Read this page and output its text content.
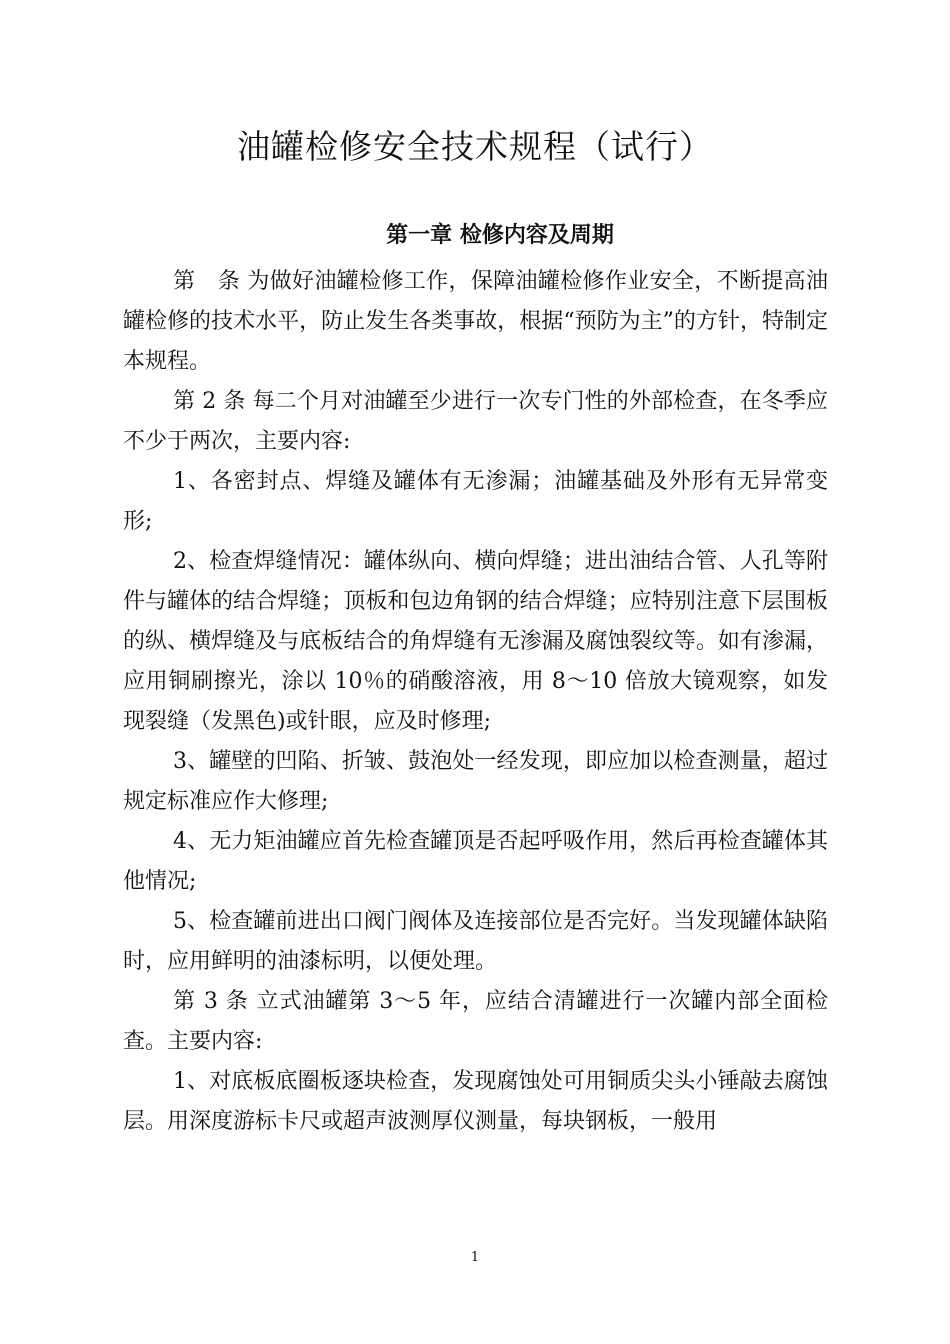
油罐检修安全技术规程（试行）
第一章 检修内容及周期

第　条 为做好油罐检修工作，保障油罐检修作业安全，不断提高油罐检修的技术水平，防止发生各类事故，根据“预防为主”的方针，特制定本规程。

第 2 条 每二个月对油罐至少进行一次专门性的外部检查，在冬季应不少于两次，主要内容:

1、各密封点、焊缝及罐体有无渗漏；油罐基础及外形有无异常变形;

2、检查焊缝情况：罐体纵向、横向焊缝；进出油结合管、人孔等附件与罐体的结合焊缝；顶板和包边角钢的结合焊缝；应特别注意下层围板的纵、横焊缝及与底板结合的角焊缝有无渗漏及腐蚀裂纹等。如有渗漏，应用铜刷擦光，涂以 10％的硝酸溶液，用 8～10 倍放大镜观察，如发现裂缝（发黑色)或针眼，应及时修理;

3、罐壁的凹陷、折皱、鼓泡处一经发现，即应加以检查测量，超过规定标准应作大修理;

4、无力矩油罐应首先检查罐顶是否起呼吸作用，然后再检查罐体其他情况;

5、检查罐前进出口阀门阀体及连接部位是否完好。当发现罐体缺陷时，应用鲜明的油漆标明，以便处理。

第 3 条 立式油罐第 3～5 年，应结合清罐进行一次罐内部全面检查。主要内容:

1、对底板底圈板逐块检查，发现腐蚀处可用铜质尖头小锤敲去腐蚀层。用深度游标卡尺或超声波测厚仪测量，每块钢板，一般用

1
